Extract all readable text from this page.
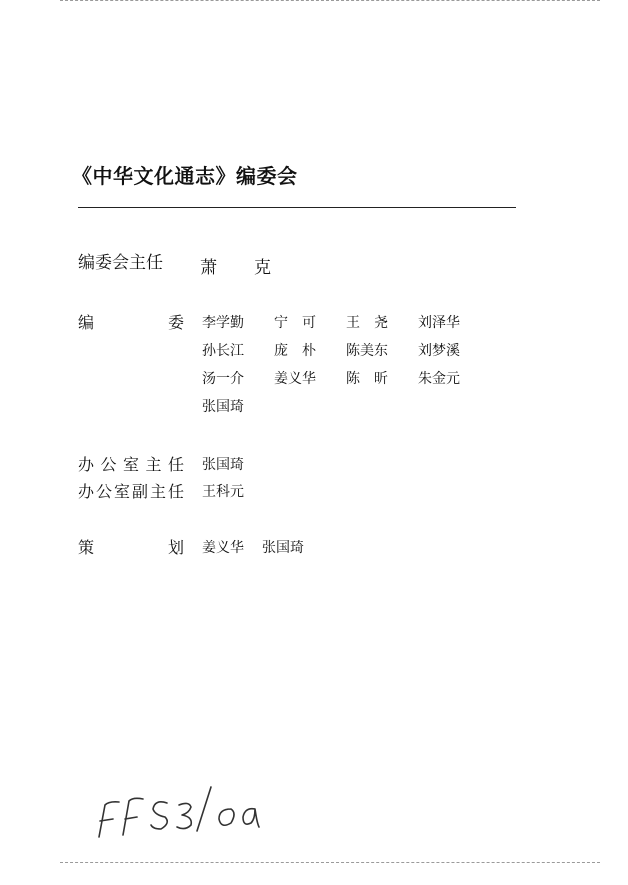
《中华文化通志》编委会
编委会主任	萧　克
编　　　委 李学勤	宁　可	王　尧	刘泽华
孙长江	庞　朴	陈美东	刘梦溪
汤一介	姜义华	陈　昕	朱金元
张国琦
办公室主任 张国琦
办公室副主任 王科元
策　　　划 姜义华 张国琦
